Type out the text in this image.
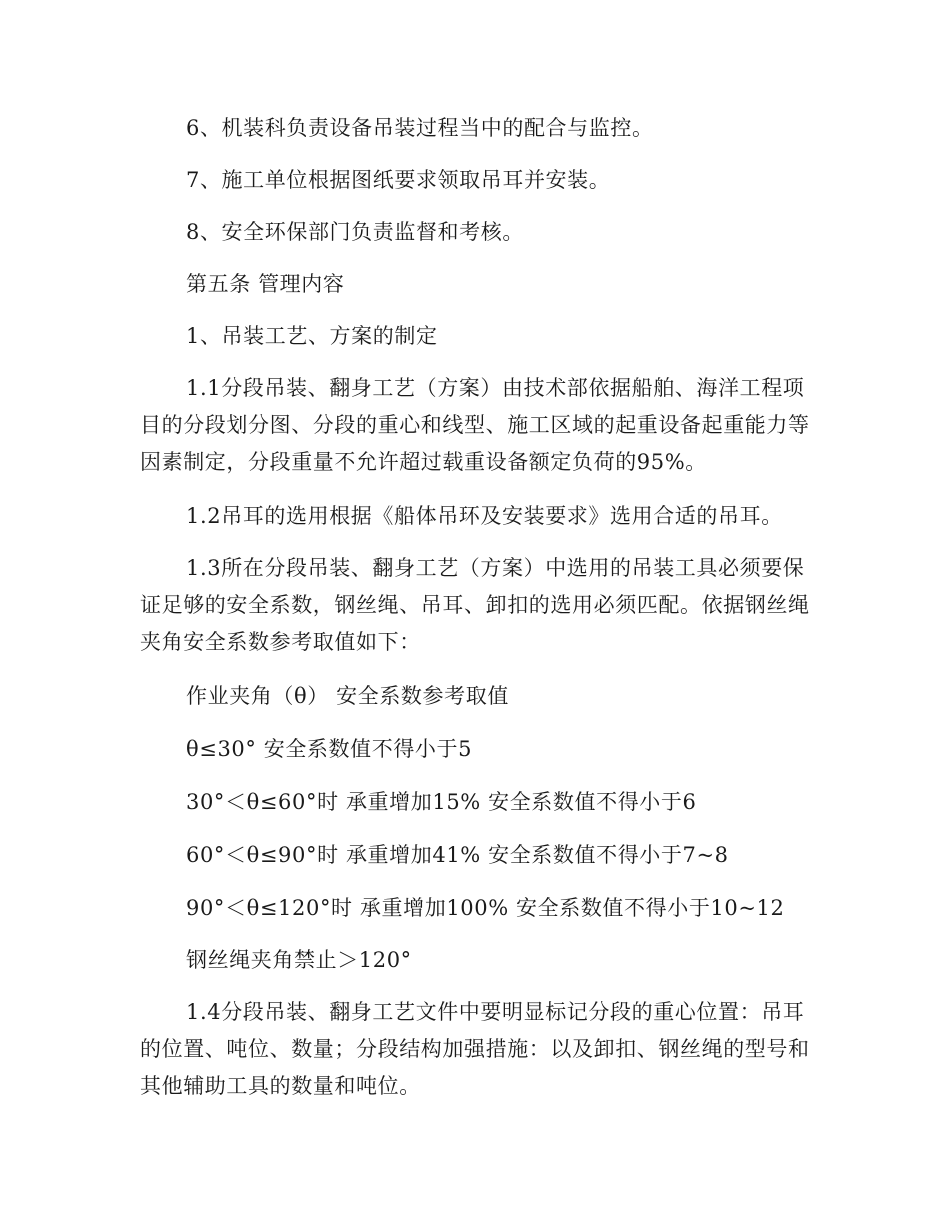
6、机装科负责设备吊装过程当中的配合与监控。

7、施工单位根据图纸要求领取吊耳并安装。

8、安全环保部门负责监督和考核。

第五条 管理内容

1、吊装工艺、方案的制定

1.1分段吊装、翻身工艺（方案）由技术部依据船舶、海洋工程项目的分段划分图、分段的重心和线型、施工区域的起重设备起重能力等因素制定，分段重量不允许超过载重设备额定负荷的95%。

1.2吊耳的选用根据《船体吊环及安装要求》选用合适的吊耳。

1.3所在分段吊装、翻身工艺（方案）中选用的吊装工具必须要保证足够的安全系数，钢丝绳、吊耳、卸扣的选用必须匹配。依据钢丝绳夹角安全系数参考取值如下：

作业夹角（θ） 安全系数参考取值

θ≤30° 安全系数值不得小于5

30°＜θ≤60°时 承重增加15% 安全系数值不得小于6

60°＜θ≤90°时 承重增加41% 安全系数值不得小于7~8

90°＜θ≤120°时 承重增加100% 安全系数值不得小于10~12

钢丝绳夹角禁止＞120°

1.4分段吊装、翻身工艺文件中要明显标记分段的重心位置：吊耳的位置、吨位、数量；分段结构加强措施：以及卸扣、钢丝绳的型号和其他辅助工具的数量和吨位。
